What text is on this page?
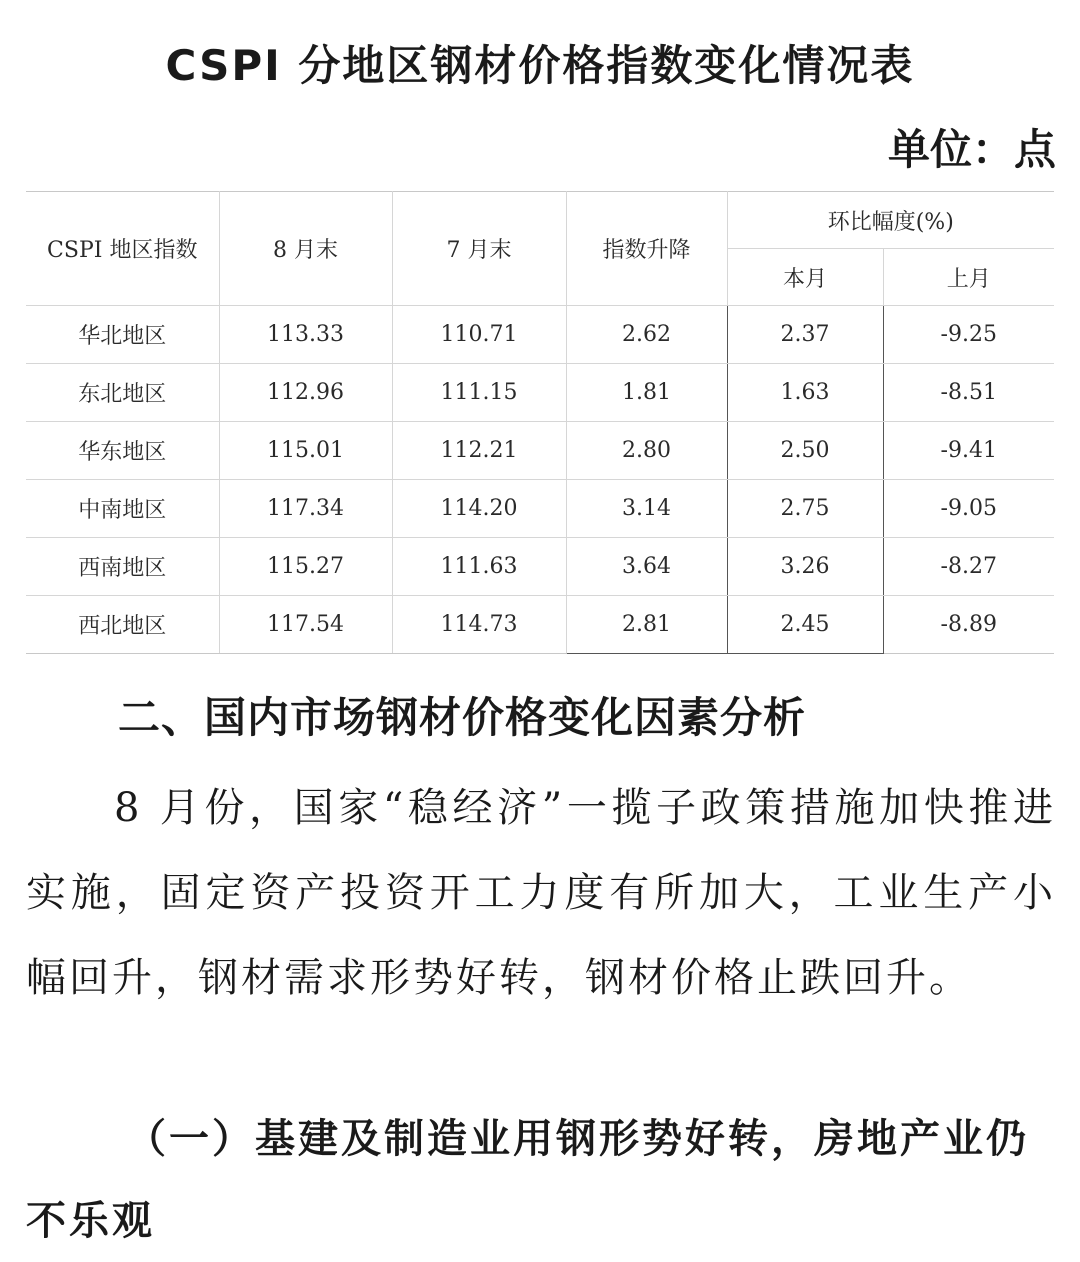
CSPI 分地区钢材价格指数变化情况表
单位：点
CSPI 地区指数	8 月末	7 月末	指数升降	环比幅度(%)	
				本月	上月
华北地区	113.33	110.71	2.62	2.37	-9.25
东北地区	112.96	111.15	1.81	1.63	-8.51
华东地区	115.01	112.21	2.80	2.50	-9.41
中南地区	117.34	114.20	3.14	2.75	-9.05
西南地区	115.27	111.63	3.64	3.26	-8.27
西北地区	117.54	114.73	2.81	2.45	-8.89
二、国内市场钢材价格变化因素分析

8 月份，国家“稳经济”一揽子政策措施加快推进实施，固定资产投资开工力度有所加大，工业生产小幅回升，钢材需求形势好转，钢材价格止跌回升。

（一）基建及制造业用钢形势好转，房地产业仍不乐观
